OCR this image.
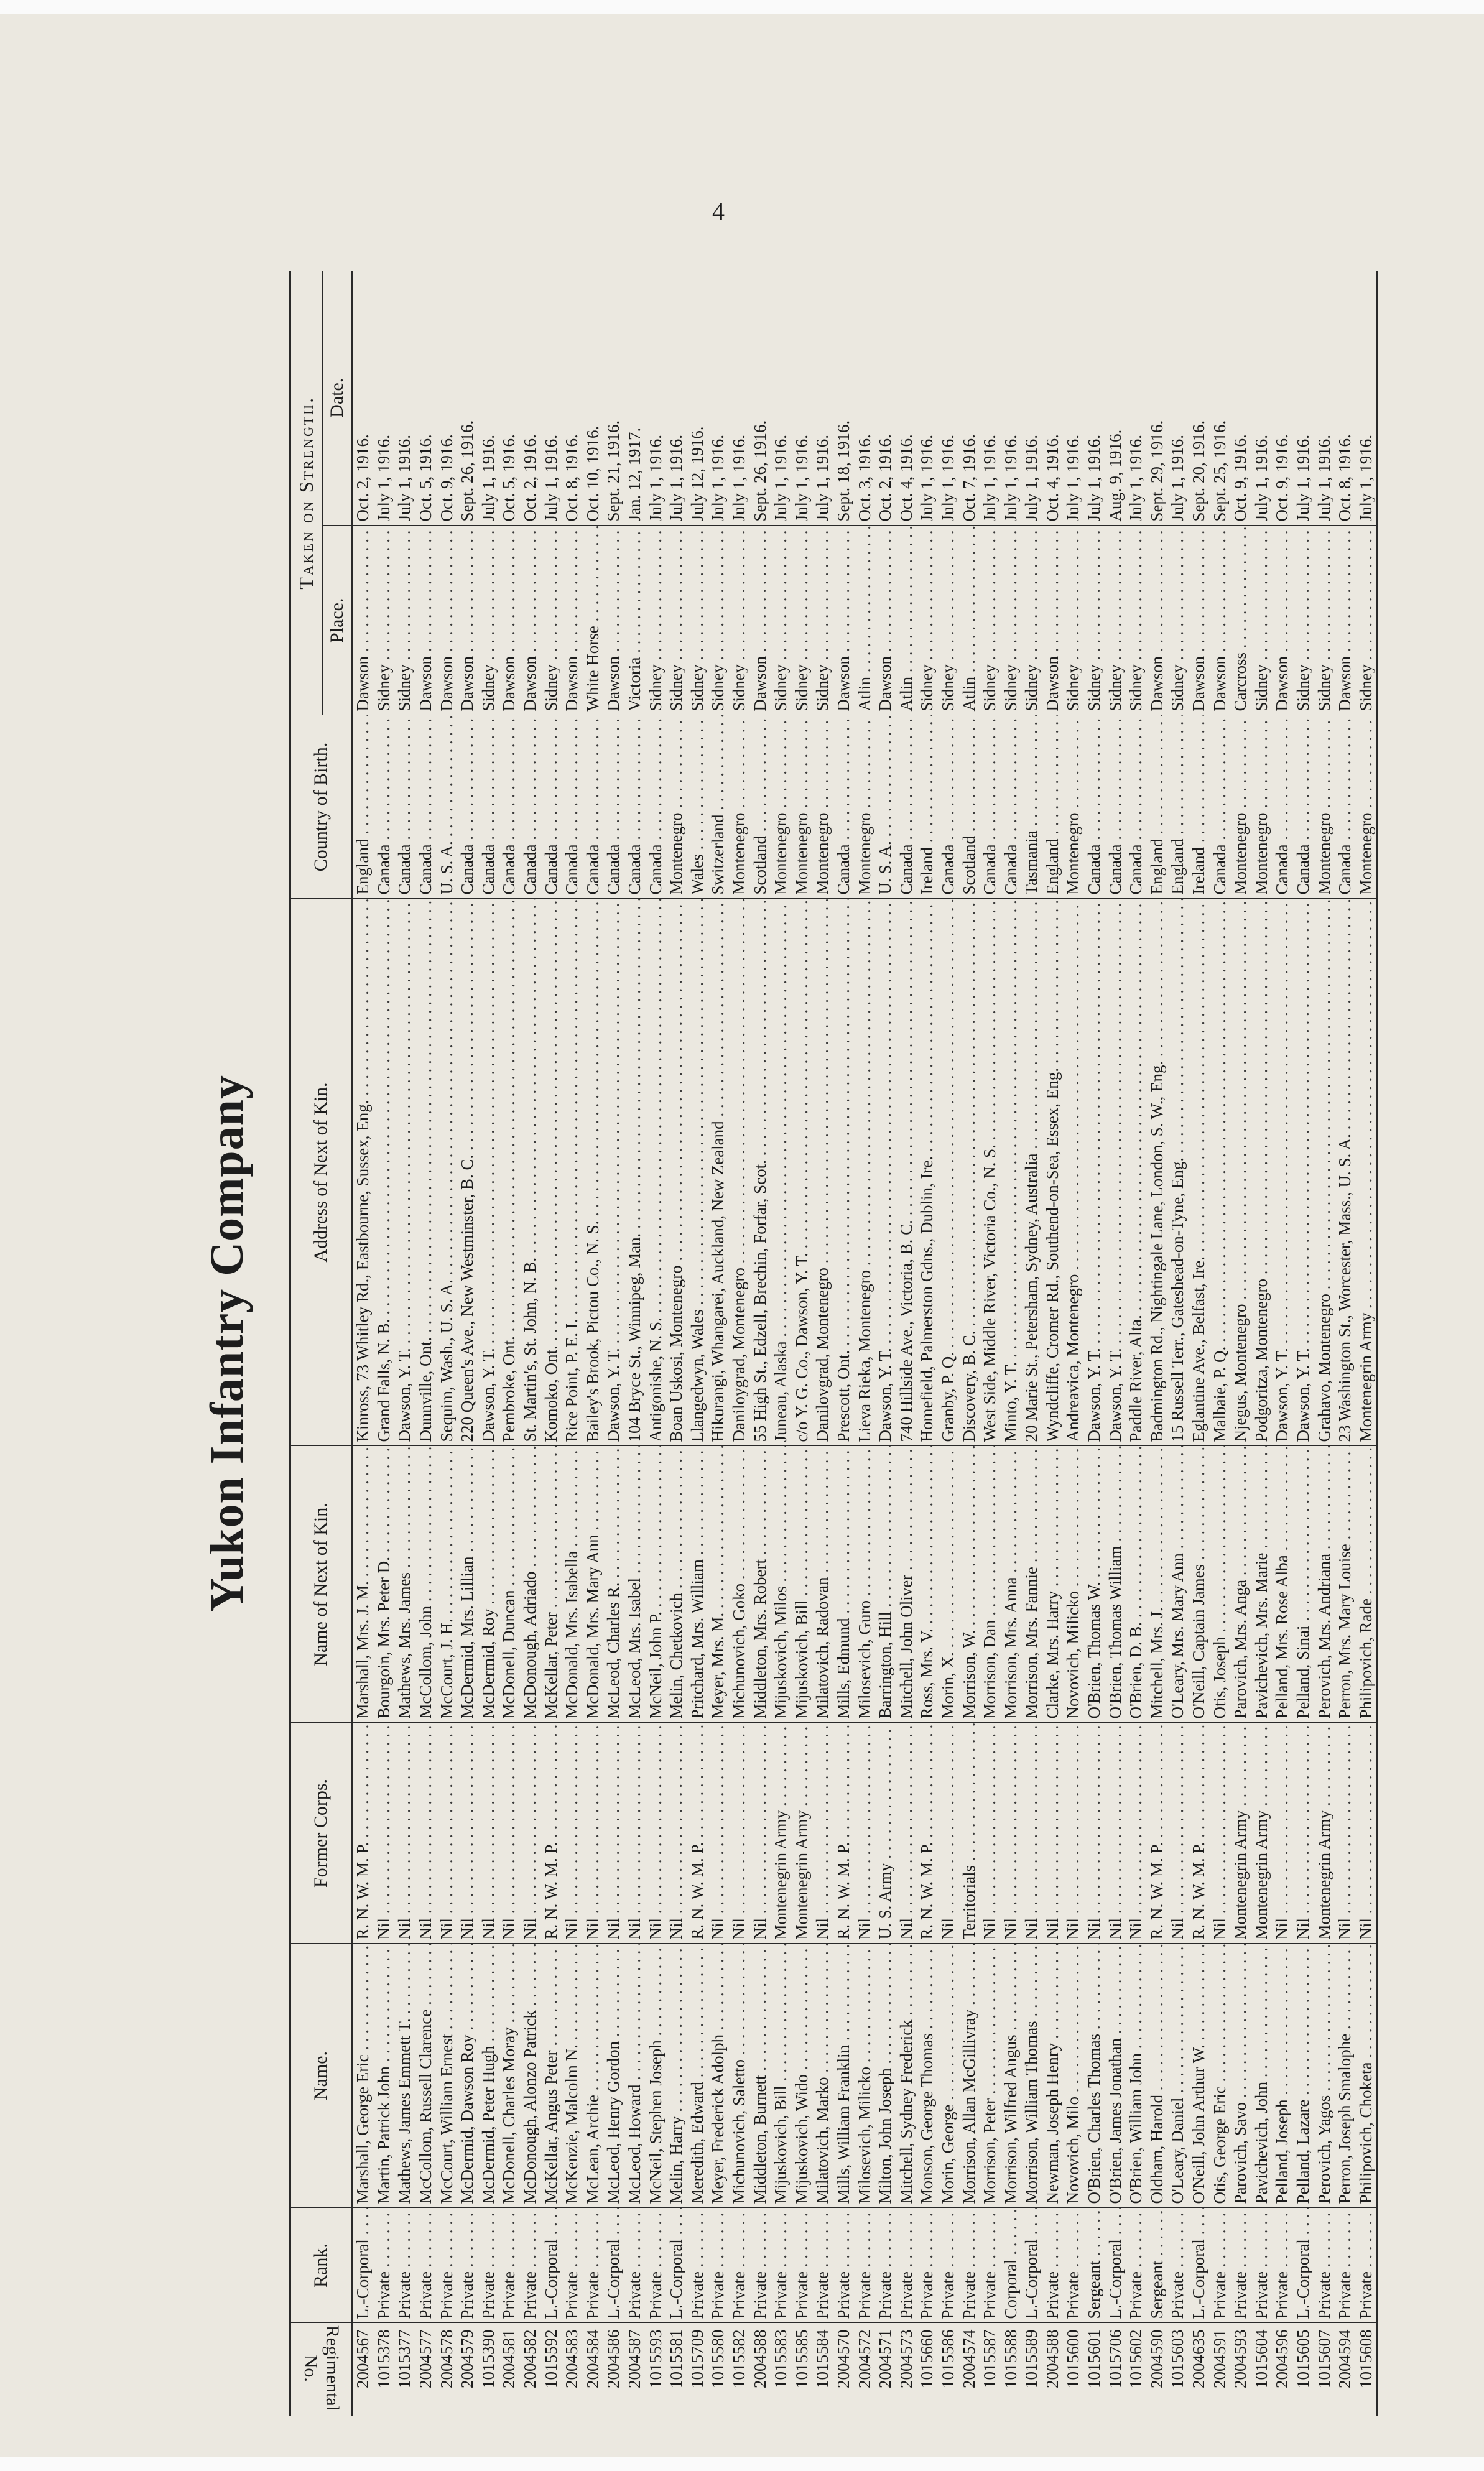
4
Yukon Infantry Company
Regimental No.	Rank.	Name.	Former Corps.	Name of Next of Kin.	Address of Next of Kin.	Country of Birth.	Taken on Strength.	
							Place.	Date.
2004567	L.-Corporal . . .	Marshall, George Eric . . .	R. N. W. M. P. . . .	Marshall, Mrs. J. M. . . .	Kinross, 73 Whitley Rd., Eastbourne, Sussex, Eng. . . .	England . . .	Dawson . . .	Oct. 2, 1916.
1015378	Private . . .	Martin, Patrick John . . .	Nil . . .	Bourgoin, Mrs. Peter D. . . .	Grand Falls, N. B. . . .	Canada . . .	Sidney . . .	July 1, 1916.
1015377	Private . . .	Mathews, James Emmett T. . . .	Nil . . .	Mathews, Mrs. James . . .	Dawson, Y. T. . . .	Canada . . .	Sidney . . .	July 1, 1916.
2004577	Private . . .	McCollom, Russell Clarence . . .	Nil . . .	McCollom, John . . .	Dunnville, Ont. . . .	Canada . . .	Dawson . . .	Oct. 5, 1916.
2004578	Private . . .	McCourt, William Ernest . . .	Nil . . .	McCourt, J. H. . . .	Sequim, Wash., U. S. A. . . .	U. S. A. . . .	Dawson . . .	Oct. 9, 1916.
2004579	Private . . .	McDermid, Dawson Roy . . .	Nil . . .	McDermid, Mrs. Lillian . . .	220 Queen's Ave., New Westminster, B. C. . . .	Canada . . .	Dawson . . .	Sept. 26, 1916.
1015390	Private . . .	McDermid, Peter Hugh . . .	Nil . . .	McDermid, Roy . . .	Dawson, Y. T. . . .	Canada . . .	Sidney . . .	July 1, 1916.
2004581	Private . . .	McDonell, Charles Moray . . .	Nil . . .	McDonell, Duncan . . .	Pembroke, Ont. . . .	Canada . . .	Dawson . . .	Oct. 5, 1916.
2004582	Private . . .	McDonough, Alonzo Patrick . . .	Nil . . .	McDonough, Adriado . . .	St. Martin's, St. John, N. B. . . .	Canada . . .	Dawson . . .	Oct. 2, 1916.
1015592	L.-Corporal . . .	McKellar, Angus Peter . . .	R. N. W. M. P. . . .	McKellar, Peter . . .	Komoko, Ont. . . .	Canada . . .	Sidney . . .	July 1, 1916.
2004583	Private . . .	McKenzie, Malcolm N. . . .	Nil . . .	McDonald, Mrs. Isabella . . .	Rice Point, P. E. I. . . .	Canada . . .	Dawson . . .	Oct. 8, 1916.
2004584	Private . . .	McLean, Archie . . .	Nil . . .	McDonald, Mrs. Mary Ann . . .	Bailey's Brook, Pictou Co., N. S. . . .	Canada . . .	White Horse . . .	Oct. 10, 1916.
2004586	L.-Corporal . . .	McLeod, Henry Gordon . . .	Nil . . .	McLeod, Charles R. . . .	Dawson, Y. T. . . .	Canada . . .	Dawson . . .	Sept. 21, 1916.
2004587	Private . . .	McLeod, Howard . . .	Nil . . .	McLeod, Mrs. Isabel . . .	104 Bryce St., Winnipeg, Man. . . .	Canada . . .	Victoria . . .	Jan. 12, 1917.
1015593	Private . . .	McNeil, Stephen Joseph . . .	Nil . . .	McNeil, John P. . . .	Antigonishe, N. S. . . .	Canada . . .	Sidney . . .	July 1, 1916.
1015581	L.-Corporal . . .	Melin, Harry . . .	Nil . . .	Melin, Chetkovich . . .	Boan Uskosi, Montenegro . . .	Montenegro . . .	Sidney . . .	July 1, 1916.
1015709	Private . . .	Meredith, Edward . . .	R. N. W. M. P. . . .	Pritchard, Mrs. William . . .	Llangedwyn, Wales . . .	Wales . . .	Sidney . . .	July 12, 1916.
1015580	Private . . .	Meyer, Frederick Adolph . . .	Nil . . .	Meyer, Mrs. M. . . .	Hikurangi, Whangarei, Auckland, New Zealand . . .	Switzerland . . .	Sidney . . .	July 1, 1916.
1015582	Private . . .	Michunovich, Saletto . . .	Nil . . .	Michunovich, Goko . . .	Daniloygrad, Montenegro . . .	Montenegro . . .	Sidney . . .	July 1, 1916.
2004588	Private . . .	Middleton, Burnett . . .	Nil . . .	Middleton, Mrs. Robert . . .	55 High St., Edzell, Brechin, Forfar, Scot. . . .	Scotland . . .	Dawson . . .	Sept. 26, 1916.
1015583	Private . . .	Mijuskovich, Bill . . .	Montenegrin Army . . .	Mijuskovich, Milos . . .	Juneau, Alaska . . .	Montenegro . . .	Sidney . . .	July 1, 1916.
1015585	Private . . .	Mijuskovich, Wido . . .	Montenegrin Army . . .	Mijuskovich, Bill . . .	c/o Y. G. Co., Dawson, Y. T. . . .	Montenegro . . .	Sidney . . .	July 1, 1916.
1015584	Private . . .	Milatovich, Marko . . .	Nil . . .	Milatovich, Radovan . . .	Danilovgrad, Montenegro . . .	Montenegro . . .	Sidney . . .	July 1, 1916.
2004570	Private . . .	Mills, William Franklin . . .	R. N. W. M. P. . . .	Mills, Edmund . . .	Prescott, Ont. . . .	Canada . . .	Dawson . . .	Sept. 18, 1916.
2004572	Private . . .	Milosevich, Milicko . . .	Nil . . .	Milosevich, Guro . . .	Lieva Rieka, Montenegro . . .	Montenegro . . .	Atlin . . .	Oct. 3, 1916.
2004571	Private . . .	Milton, John Joseph . . .	U. S. Army . . .	Barrington, Hill . . .	Dawson, Y. T. . . .	U. S. A. . . .	Dawson . . .	Oct. 2, 1916.
2004573	Private . . .	Mitchell, Sydney Frederick . . .	Nil . . .	Mitchell, John Oliver . . .	740 Hillside Ave., Victoria, B. C. . . .	Canada . . .	Atlin . . .	Oct. 4, 1916.
1015660	Private . . .	Monson, George Thomas . . .	R. N. W. M. P. . . .	Ross, Mrs. V. . . .	Homefield, Palmerston Gdns., Dublin, Ire. . . .	Ireland . . .	Sidney . . .	July 1, 1916.
1015586	Private . . .	Morin, George . . .	Nil . . .	Morin, X. . . .	Granby, P. Q. . . .	Canada . . .	Sidney . . .	July 1, 1916.
2004574	Private . . .	Morrison, Allan McGillivray . . .	Territorials . . .	Morrison, W. . . .	Discovery, B. C. . . .	Scotland . . .	Atlin . . .	Oct. 7, 1916.
1015587	Private . . .	Morrison, Peter . . .	Nil . . .	Morrison, Dan . . .	West Side, Middle River, Victoria Co., N. S. . . .	Canada . . .	Sidney . . .	July 1, 1916.
1015588	Corporal . . .	Morrison, Wilfred Angus . . .	Nil . . .	Morrison, Mrs. Anna . . .	Minto, Y. T. . . .	Canada . . .	Sidney . . .	July 1, 1916.
1015589	L.-Corporal . . .	Morrison, William Thomas . . .	Nil . . .	Morrison, Mrs. Fannie . . .	20 Marie St., Petersham, Sydney, Australia . . .	Tasmania . . .	Sidney . . .	July 1, 1916.
2004588	Private . . .	Newman, Joseph Henry . . .	Nil . . .	Clarke, Mrs. Harry . . .	Wyndcliffe, Cromer Rd., Southend-on-Sea, Essex, Eng. . . .	England . . .	Dawson . . .	Oct. 4, 1916.
1015600	Private . . .	Novovich, Milo . . .	Nil . . .	Novovich, Milicko . . .	Andreavica, Montenegro . . .	Montenegro . . .	Sidney . . .	July 1, 1916.
1015601	Sergeant . . .	O'Brien, Charles Thomas . . .	Nil . . .	O'Brien, Thomas W. . . .	Dawson, Y. T. . . .	Canada . . .	Sidney . . .	July 1, 1916.
1015706	L.-Corporal . . .	O'Brien, James Jonathan . . .	Nil . . .	O'Brien, Thomas William . . .	Dawson, Y. T. . . .	Canada . . .	Sidney . . .	Aug. 9, 1916.
1015602	Private . . .	O'Brien, William John . . .	Nil . . .	O'Brien, D. B. . . .	Paddle River, Alta. . . .	Canada . . .	Sidney . . .	July 1, 1916.
2004590	Sergeant . . .	Oldham, Harold . . .	R. N. W. M. P. . . .	Mitchell, Mrs. J. . . .	Badmington Rd., Nightingale Lane, London, S. W., Eng. . . .	England . . .	Dawson . . .	Sept. 29, 1916.
1015603	Private . . .	O'Leary, Daniel . . .	Nil . . .	O'Leary, Mrs. Mary Ann . . .	15 Russell Terr., Gateshead-on-Tyne, Eng. . . .	England . . .	Sidney . . .	July 1, 1916.
2004635	L.-Corporal . . .	O'Neill, John Arthur W. . . .	R. N. W. M. P. . . .	O'Neill, Captain James . . .	Eglantine Ave., Belfast, Ire. . . .	Ireland . . .	Dawson . . .	Sept. 20, 1916.
2004591	Private . . .	Otis, George Eric . . .	Nil . . .	Otis, Joseph . . .	Malbaie, P. Q. . . .	Canada . . .	Dawson . . .	Sept. 25, 1916.
2004593	Private . . .	Parovich, Savo . . .	Montenegrin Army . . .	Parovich, Mrs. Anga . . .	Njegus, Montenegro . . .	Montenegro . . .	Carcross . . .	Oct. 9, 1916.
1015604	Private . . .	Pavichevich, John . . .	Montenegrin Army . . .	Pavichevich, Mrs. Marie . . .	Podgoritza, Montenegro . . .	Montenegro . . .	Sidney . . .	July 1, 1916.
2004596	Private . . .	Pelland, Joseph . . .	Nil . . .	Pelland, Mrs. Rose Alba . . .	Dawson, Y. T. . . .	Canada . . .	Dawson . . .	Oct. 9, 1916.
1015605	L.-Corporal . . .	Pelland, Lazare . . .	Nil . . .	Pelland, Sinai . . .	Dawson, Y. T. . . .	Canada . . .	Sidney . . .	July 1, 1916.
1015607	Private . . .	Perovich, Yagos . . .	Montenegrin Army . . .	Perovich, Mrs. Andriana . . .	Grahavo, Montenegro . . .	Montenegro . . .	Sidney . . .	July 1, 1916.
2004594	Private . . .	Perron, Joseph Smalophe . . .	Nil . . .	Perron, Mrs. Mary Louise . . .	23 Washington St., Worcester, Mass., U. S. A. . . .	Canada . . .	Dawson . . .	Oct. 8, 1916.
1015608	Private . . .	Philipovich, Choketa . . .	Nil . . .	Philipovich, Rade . . .	Montenegrin Army . . .	Montenegro . . .	Sidney . . .	July 1, 1916.
